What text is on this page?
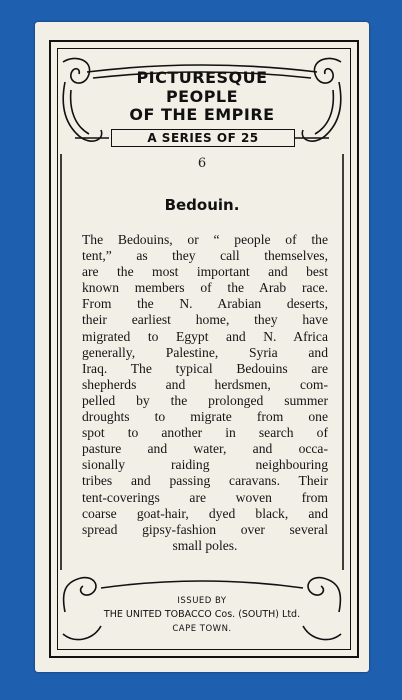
PICTURESQUE
PEOPLE
OF THE EMPIRE
A SERIES OF 25
6
Bedouin.
The Bedouins, or “ people of the
tent,” as they call themselves,
are the most important and best
known members of the Arab race.
From the N. Arabian deserts,
their earliest home, they have
migrated to Egypt and N. Africa
generally, Palestine, Syria and
Iraq. The typical Bedouins are
shepherds and herdsmen, com-
pelled by the prolonged summer
droughts to migrate from one
spot to another in search of
pasture and water, and occa-
sionally raiding neighbouring
tribes and passing caravans. Their
tent-coverings are woven from
coarse goat-hair, dyed black, and
spread gipsy-fashion over several
small poles.
ISSUED BY
THE UNITED TOBACCO Cos. (SOUTH) Ltd.
CAPE TOWN.
